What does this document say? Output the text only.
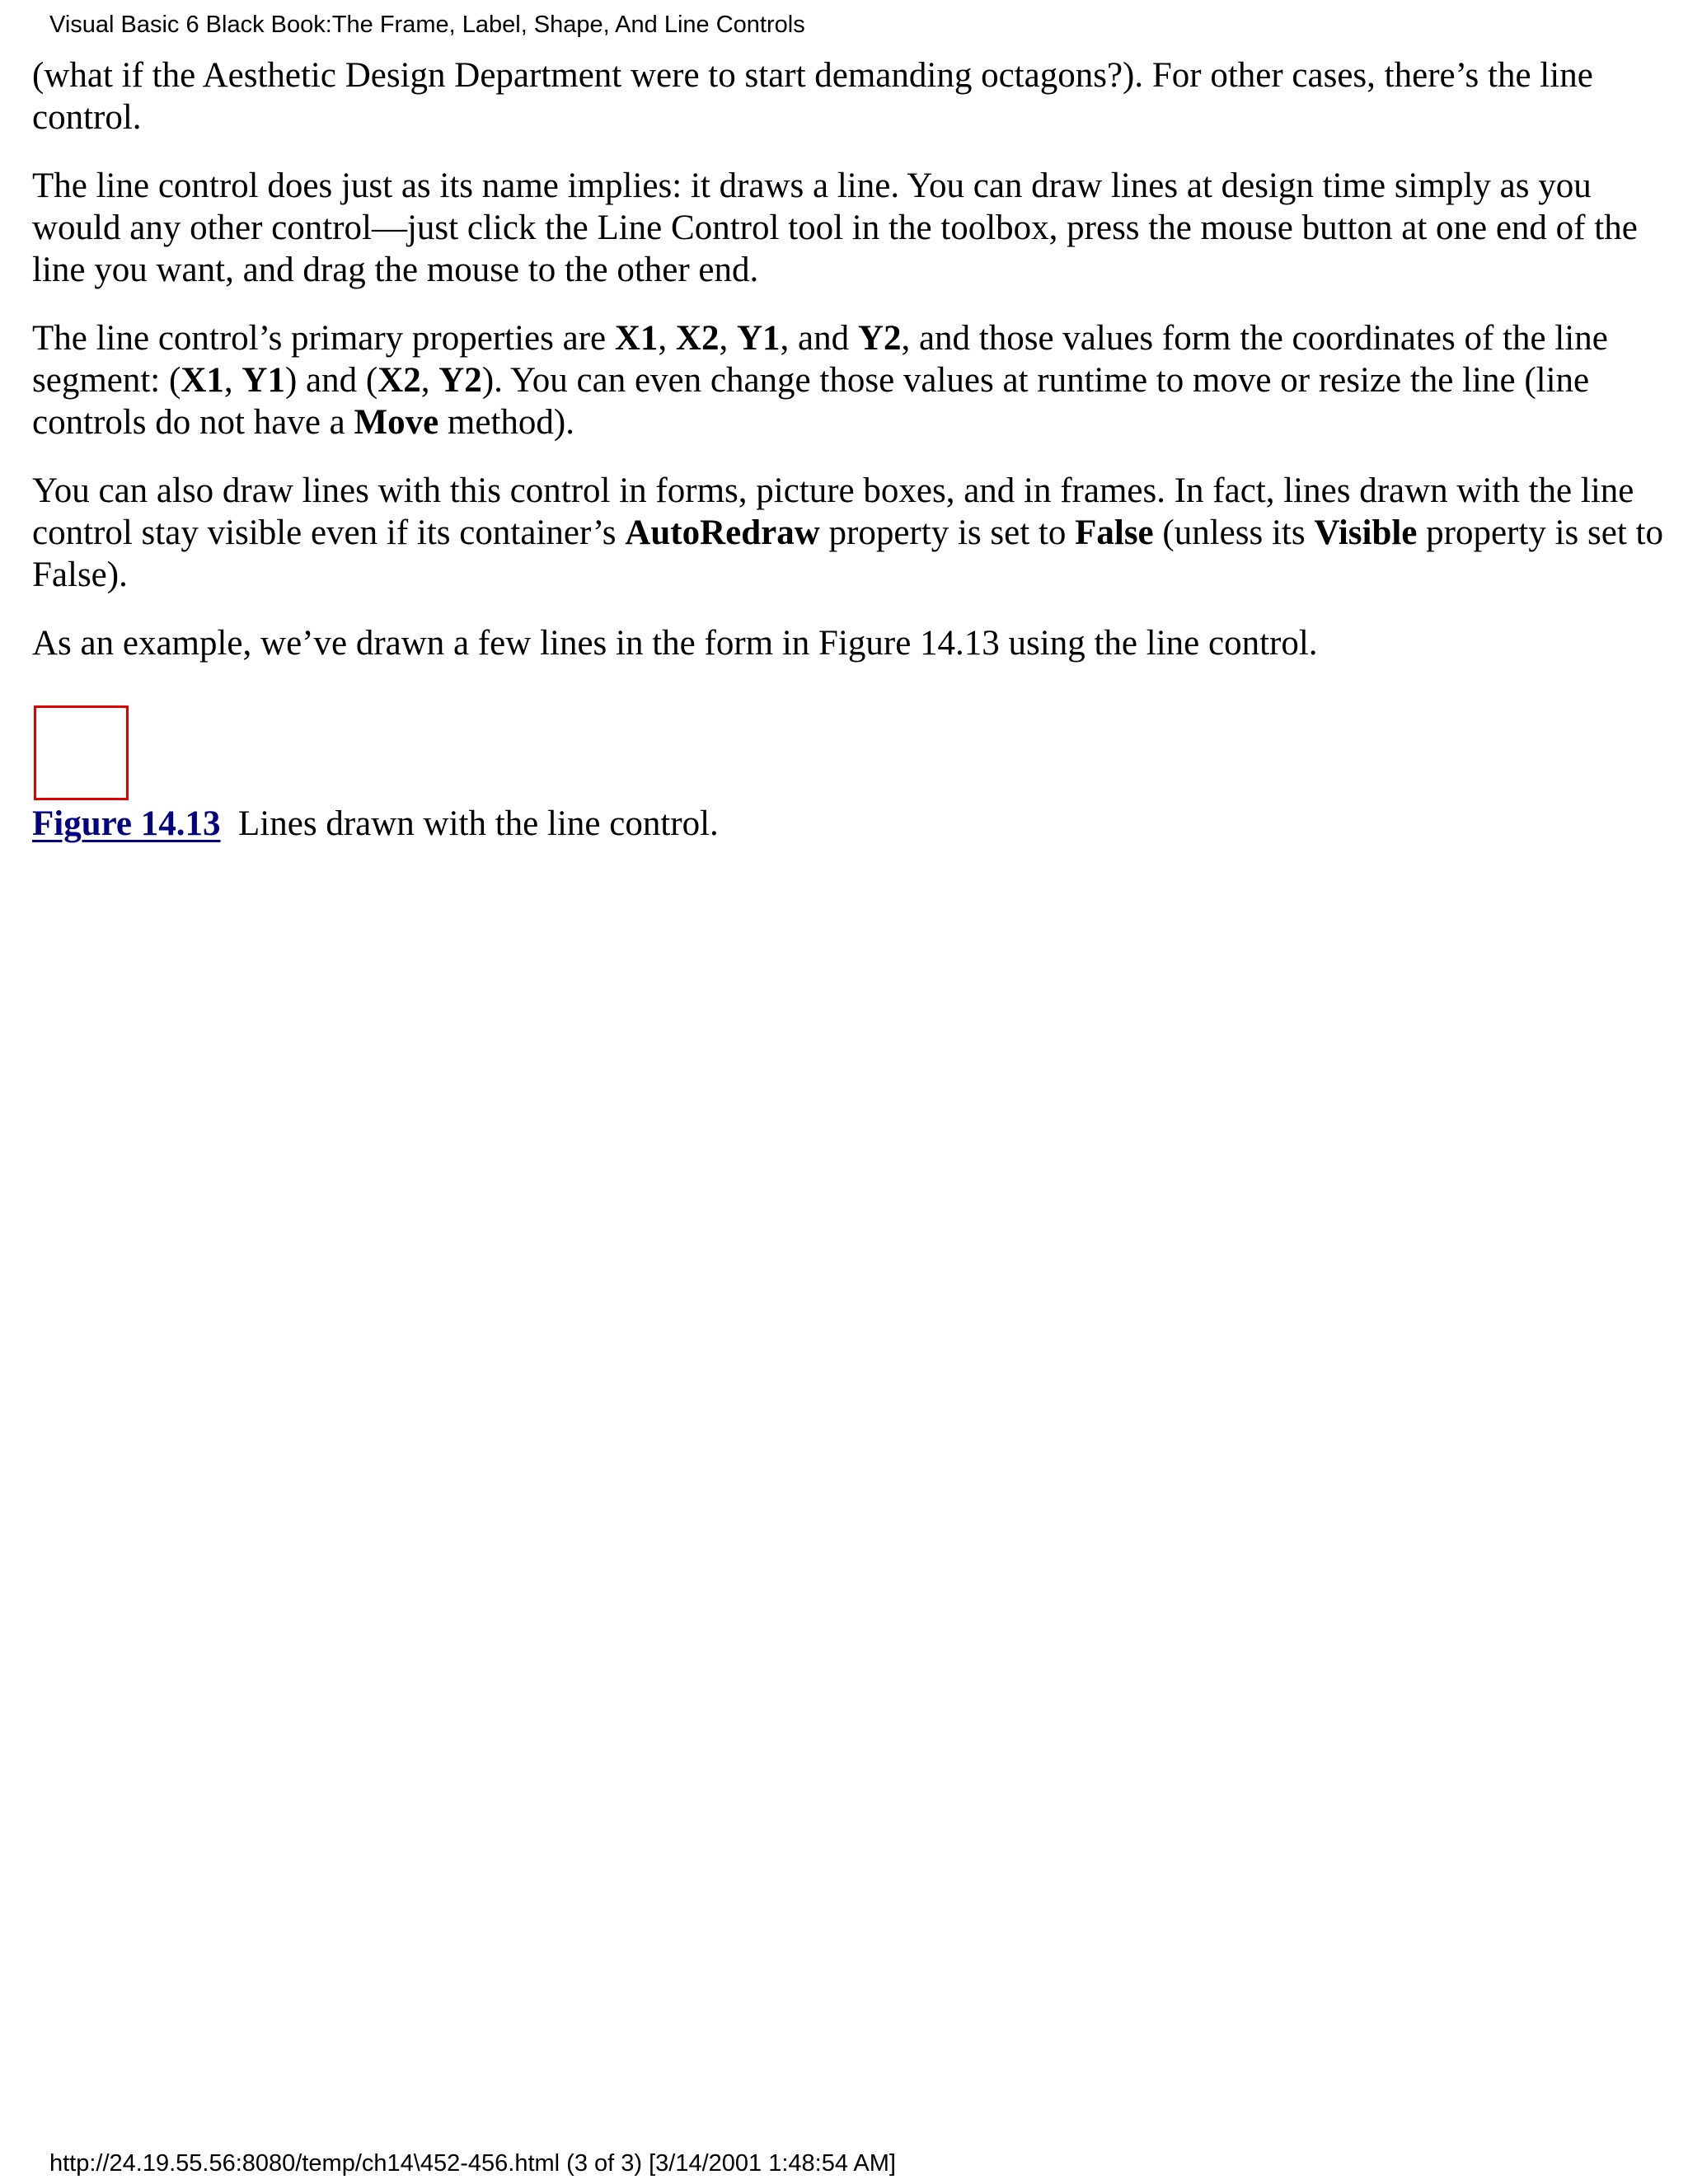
Visual Basic 6 Black Book:The Frame, Label, Shape, And Line Controls

(what if the Aesthetic Design Department were to start demanding octagons?). For other cases, there’s the line control.

The line control does just as its name implies: it draws a line. You can draw lines at design time simply as you would any other control—just click the Line Control tool in the toolbox, press the mouse button at one end of the line you want, and drag the mouse to the other end.

The line control’s primary properties are X1, X2, Y1, and Y2, and those values form the coordinates of the line segment: (X1, Y1) and (X2, Y2). You can even change those values at runtime to move or resize the line (line controls do not have a Move method).

You can also draw lines with this control in forms, picture boxes, and in frames. In fact, lines drawn with the line control stay visible even if its container’s AutoRedraw property is set to False (unless its Visible property is set to False).

As an example, we’ve drawn a few lines in the form in Figure 14.13 using the line control.

Figure 14.13 Lines drawn with the line control.
http://24.19.55.56:8080/temp/ch14\452-456.html (3 of 3) [3/14/2001 1:48:54 AM]
